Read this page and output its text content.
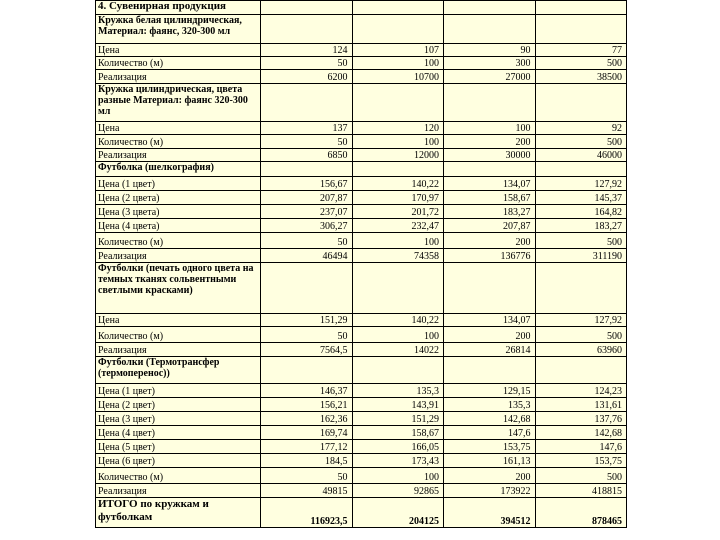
4. Сувенирная продукция				
Кружка белая цилиндрическая, Материал: фаянс, 320-300 мл				
Цена	124	107	90	77
Количество (м)	50	100	300	500
Реализация	6200	10700	27000	38500
Кружка цилиндрическая, цвета разные Материал: фаянс 320-300 мл				
Цена	137	120	100	92
Количество (м)	50	100	200	500
Реализация	6850	12000	30000	46000
Футболка (шелкография)				
Цена (1 цвет)	156,67	140,22	134,07	127,92
Цена (2 цвета)	207,87	170,97	158,67	145,37
Цена (3 цвета)	237,07	201,72	183,27	164,82
Цена (4 цвета)	306,27	232,47	207,87	183,27
Количество (м)	50	100	200	500
Реализация	46494	74358	136776	311190
Футболки (печать одного цвета на темных тканях сольвентными светлыми красками)				
Цена	151,29	140,22	134,07	127,92
Количество (м)	50	100	200	500
Реализация	7564,5	14022	26814	63960
Футболки (Термотрансфер (термоперенос))				
Цена (1 цвет)	146,37	135,3	129,15	124,23
Цена (2 цвет)	156,21	143,91	135,3	131,61
Цена (3 цвет)	162,36	151,29	142,68	137,76
Цена (4 цвет)	169,74	158,67	147,6	142,68
Цена (5 цвет)	177,12	166,05	153,75	147,6
Цена (6 цвет)	184,5	173,43	161,13	153,75
Количество (м)	50	100	200	500
Реализация	49815	92865	173922	418815
ИТОГО по кружкам и футболкам	116923,5	204125	394512	878465
